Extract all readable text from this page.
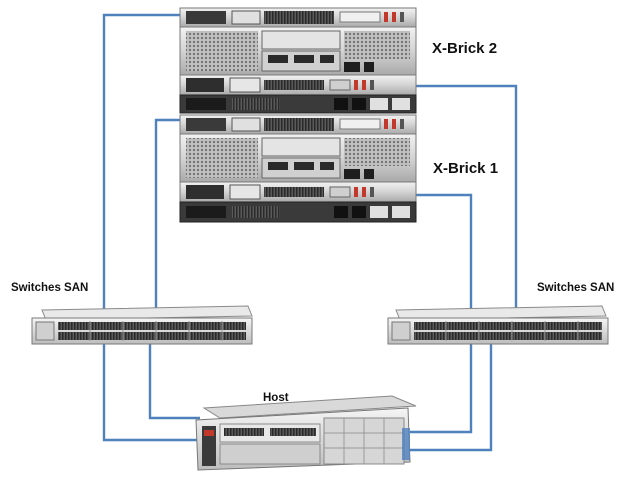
X-Brick 2
X-Brick 1
Switches SAN	Switches SAN
Host
